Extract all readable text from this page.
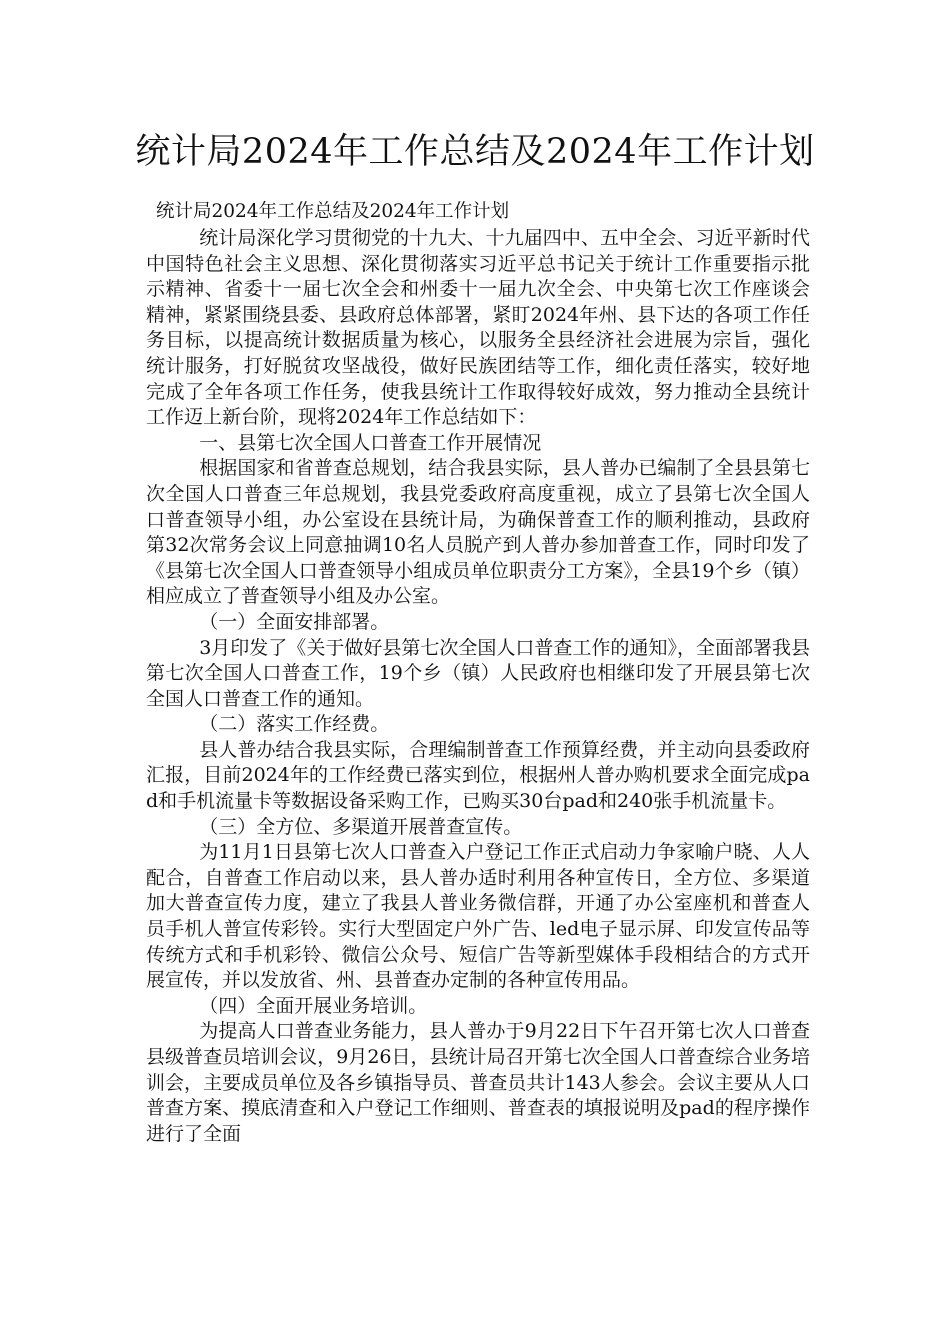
统计局2024年工作总结及2024年工作计划

统计局2024年工作总结及2024年工作计划

统计局深化学习贯彻党的十九大、十九届四中、五中全会、习近平新时代中国特色社会主义思想、深化贯彻落实习近平总书记关于统计工作重要指示批示精神、省委十一届七次全会和州委十一届九次全会、中央第七次工作座谈会精神，紧紧围绕县委、县政府总体部署，紧盯2024年州、县下达的各项工作任务目标，以提高统计数据质量为核心，以服务全县经济社会进展为宗旨，强化统计服务，打好脱贫攻坚战役，做好民族团结等工作，细化责任落实，较好地完成了全年各项工作任务，使我县统计工作取得较好成效，努力推动全县统计工作迈上新台阶，现将2024年工作总结如下：

一、县第七次全国人口普查工作开展情况

根据国家和省普查总规划，结合我县实际，县人普办已编制了全县县第七次全国人口普查三年总规划，我县党委政府高度重视，成立了县第七次全国人口普查领导小组，办公室设在县统计局，为确保普查工作的顺利推动，县政府第32次常务会议上同意抽调10名人员脱产到人普办参加普查工作，同时印发了《县第七次全国人口普查领导小组成员单位职责分工方案》，全县19个乡（镇）相应成立了普查领导小组及办公室。

（一）全面安排部署。

3月印发了《关于做好县第七次全国人口普查工作的通知》，全面部署我县第七次全国人口普查工作，19个乡（镇）人民政府也相继印发了开展县第七次全国人口普查工作的通知。

（二）落实工作经费。

县人普办结合我县实际，合理编制普查工作预算经费，并主动向县委政府汇报，目前2024年的工作经费已落实到位，根据州人普办购机要求全面完成pad和手机流量卡等数据设备采购工作，已购买30台pad和240张手机流量卡。

（三）全方位、多渠道开展普查宣传。

为11月1日县第七次人口普查入户登记工作正式启动力争家喻户晓、人人配合，自普查工作启动以来，县人普办适时利用各种宣传日，全方位、多渠道加大普查宣传力度，建立了我县人普业务微信群，开通了办公室座机和普查人员手机人普宣传彩铃。实行大型固定户外广告、led电子显示屏、印发宣传品等传统方式和手机彩铃、微信公众号、短信广告等新型媒体手段相结合的方式开展宣传，并以发放省、州、县普查办定制的各种宣传用品。

（四）全面开展业务培训。

为提高人口普查业务能力，县人普办于9月22日下午召开第七次人口普查县级普查员培训会议，9月26日，县统计局召开第七次全国人口普查综合业务培训会，主要成员单位及各乡镇指导员、普查员共计143人参会。会议主要从人口普查方案、摸底清查和入户登记工作细则、普查表的填报说明及pad的程序操作进行了全面
